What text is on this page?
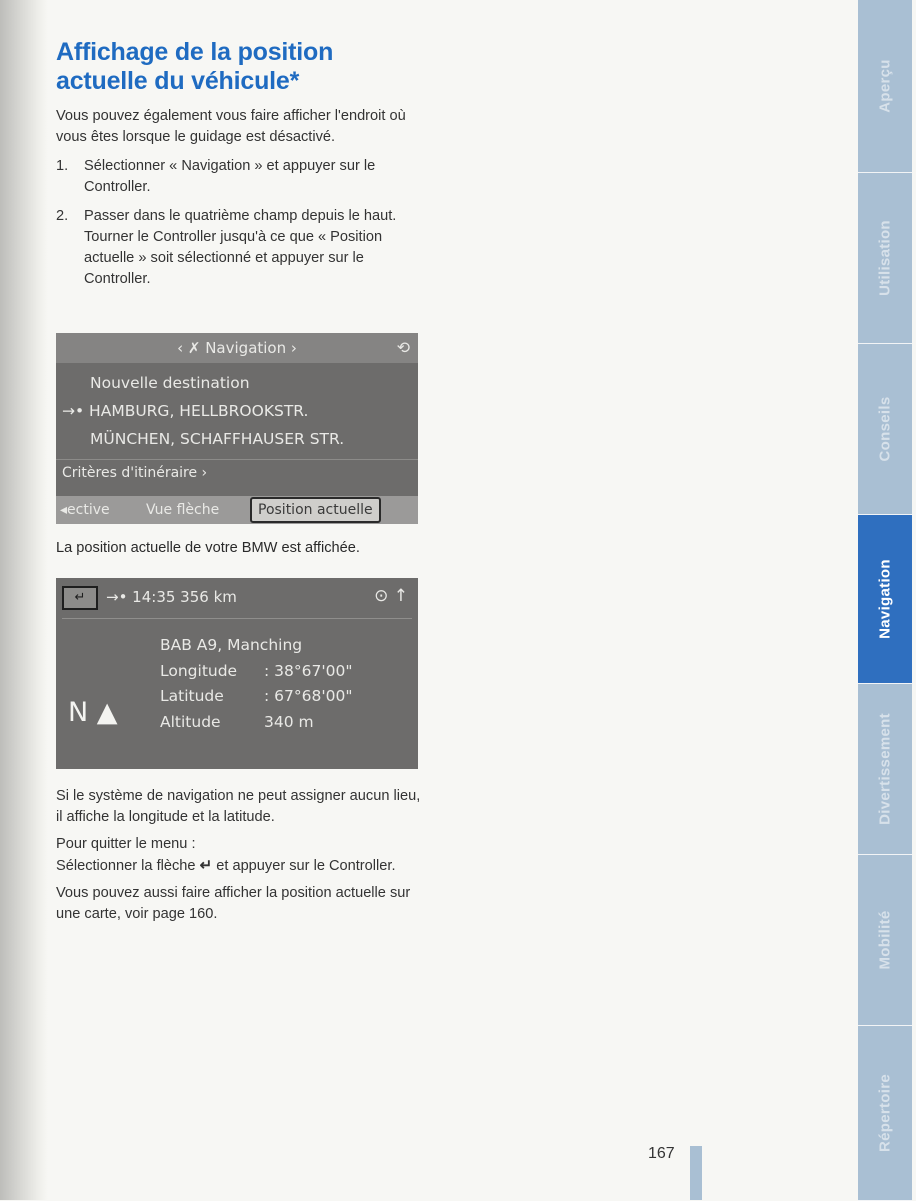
Affichage de la position actuelle du véhicule*

Vous pouvez également vous faire afficher l'endroit où vous êtes lorsque le guidage est désactivé.

1.	Sélectionner « Navigation » et appuyer sur le Controller.
2.	Passer dans le quatrième champ depuis le haut. Tourner le Controller jusqu'à ce que « Position actuelle » soit sélectionné et appuyer sur le Controller.
‹ ✗ Navigation ›	⟲
Nouvelle destination
→• HAMBURG, HELLBROOKSTR.
MÜNCHEN, SCHAFFHAUSER STR.
Critères d'itinéraire ›
◂ective	Vue flèche	Position actuelle
La position actuelle de votre BMW est affichée.
↵	→• 14:35 356 km	⊙ ↑
BAB A9, Manching
Longitude : 38°67'00"
Latitude	: 67°68'00"
Altitude	340 m
N ▲

Si le système de navigation ne peut assigner aucun lieu, il affiche la longitude et la latitude.

Pour quitter le menu :
Sélectionner la flèche ↵ et appuyer sur le Controller.

Vous pouvez aussi faire afficher la position actuelle sur une carte, voir page 160.

Aperçu
Utilisation
Conseils
Navigation
Divertissement
Mobilité
Répertoire
167
